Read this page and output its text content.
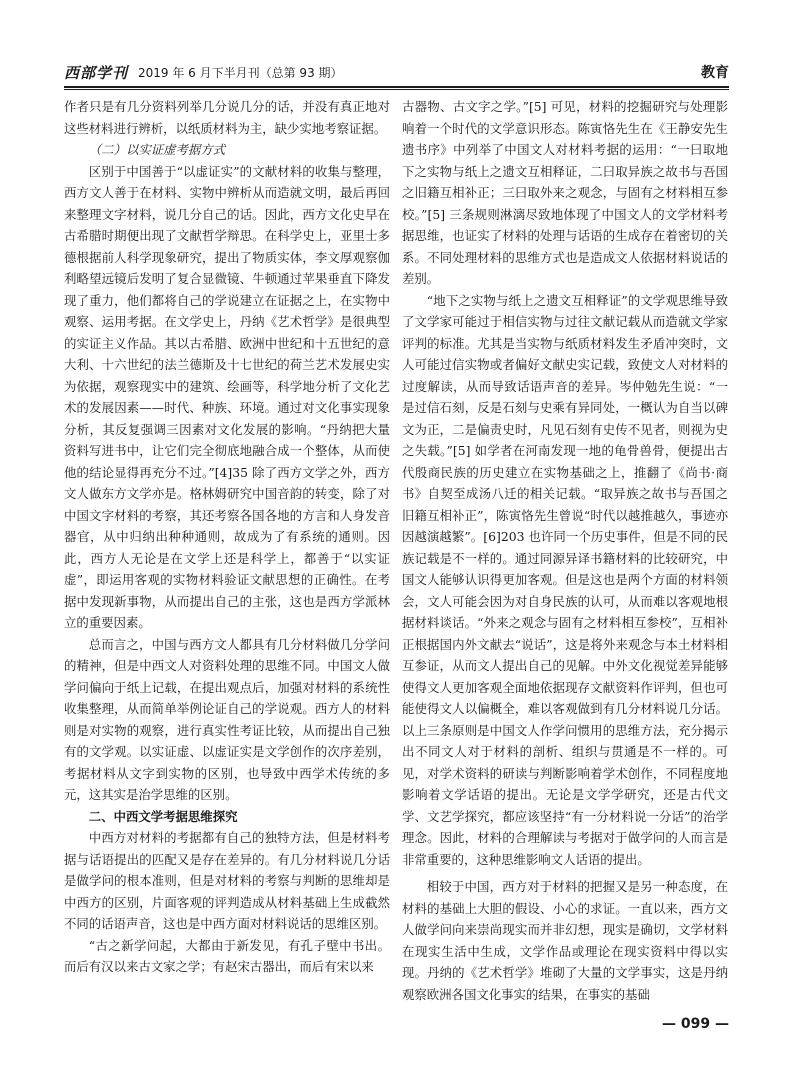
西部学刊 2019 年 6 月下半月刊（总第 93 期）	教育

作者只是有几分资料列举几分说几分的话，并没有真正地对这些材料进行辨析，以纸质材料为主，缺少实地考察证据。

（二）以实证虚考据方式

区别于中国善于“以虚证实”的文献材料的收集与整理，西方文人善于在材料、实物中辨析从而造就文明，最后再回来整理文字材料，说几分自己的话。因此，西方文化史早在古希腊时期便出现了文献哲学辩思。在科学史上，亚里士多德根据前人科学现象研究，提出了物质实体，李文厚观察伽利略望远镜后发明了复合显微镜、牛顿通过苹果垂直下降发现了重力，他们都将自己的学说建立在证据之上，在实物中观察、运用考据。在文学史上，丹纳《艺术哲学》是很典型的实证主义作品。其以古希腊、欧洲中世纪和十五世纪的意大利、十六世纪的法兰德斯及十七世纪的荷兰艺术发展史实为依据，观察现实中的建筑、绘画等，科学地分析了文化艺术的发展因素——时代、种族、环境。通过对文化事实现象分析，其反复强调三因素对文化发展的影响。“丹纳把大量资料写进书中，让它们完全彻底地融合成一个整体，从而使他的结论显得再充分不过。”[4]35 除了西方文学之外，西方文人做东方文学亦是。格林姆研究中国音韵的转变，除了对中国文字材料的考察，其还考察各国各地的方言和人身发音器官，从中归纳出种种通则，故成为了有系统的通则。因此，西方人无论是在文学上还是科学上，都善于“以实证虚”，即运用客观的实物材料验证文献思想的正确性。在考据中发现新事物，从而提出自己的主张，这也是西方学派林立的重要因素。

总而言之，中国与西方文人都具有几分材料做几分学问的精神，但是中西文人对资料处理的思维不同。中国文人做学问偏向于纸上记载，在提出观点后，加强对材料的系统性收集整理，从而简单举例论证自己的学说观。西方人的材料则是对实物的观察，进行真实性考证比较，从而提出自己独有的文学观。以实证虚、以虚证实是文学创作的次序差别，考据材料从文字到实物的区别，也导致中西学术传统的多元，这其实是治学思维的区别。

二、中西文学考据思维探究

中西方对材料的考据都有自己的独特方法，但是材料考据与话语提出的匹配又是存在差异的。有几分材料说几分话是做学问的根本准则，但是对材料的考察与判断的思维却是中西方的区别，片面客观的评判造成从材料基础上生成截然不同的话语声音，这也是中西方面对材料说话的思维区别。

“古之新学问起，大都由于新发见，有孔子壁中书出。而后有汉以来古文家之学；有赵宋古器出，而后有宋以来

古器物、古文字之学。”[5] 可见，材料的挖掘研究与处理影响着一个时代的文学意识形态。陈寅恪先生在《王静安先生遗书序》中列举了中国文人对材料考据的运用：“一曰取地下之实物与纸上之遗文互相释证，二曰取异族之故书与吾国之旧籍互相补正；三曰取外来之观念，与固有之材料相互参校。”[5] 三条规则淋漓尽致地体现了中国文人的文学材料考据思维，也证实了材料的处理与话语的生成存在着密切的关系。不同处理材料的思维方式也是造成文人依据材料说话的差别。

“地下之实物与纸上之遗文互相释证”的文学观思维导致了文学家可能过于相信实物与过往文献记载从而造就文学家评判的标准。尤其是当实物与纸质材料发生矛盾冲突时，文人可能过信实物或者偏好文献史实记载，致使文人对材料的过度解读，从而导致话语声音的差异。岑仲勉先生说：“一是过信石刻，反是石刻与史乘有异同处，一概认为自当以碑文为正，二是偏责史时，凡见石刻有史传不见者，则视为史之失载。”[5] 如学者在河南发现一地的龟骨兽骨，便提出古代殷商民族的历史建立在实物基础之上，推翻了《尚书·商书》自契至成汤八迁的相关记载。“取异族之故书与吾国之旧籍互相补正”，陈寅恪先生曾说“时代以越推越久，事迹亦因越演越繁”。[6]203 也许同一个历史事件，但是不同的民族记载是不一样的。通过同源异译书籍材料的比较研究，中国文人能够认识得更加客观。但是这也是两个方面的材料领会，文人可能会因为对自身民族的认可，从而难以客观地根据材料谈话。“外来之观念与固有之材料相互参校”，互相补正根据国内外文献去“说话”，这是将外来观念与本土材料相互参证，从而文人提出自己的见解。中外文化视觉差异能够使得文人更加客观全面地依据现存文献资料作评判，但也可能使得文人以偏概全，难以客观做到有几分材料说几分话。以上三条原则是中国文人作学问惯用的思维方法，充分揭示出不同文人对于材料的剖析、组织与贯通是不一样的。可见，对学术资料的研读与判断影响着学术创作，不同程度地影响着文学话语的提出。无论是文学学研究，还是古代文学、文艺学探究，都应该坚持“有一分材料说一分话”的治学理念。因此，材料的合理解读与考据对于做学问的人而言是非常重要的，这种思维影响文人话语的提出。

相较于中国，西方对于材料的把握又是另一种态度，在材料的基础上大胆的假设、小心的求证。一直以来，西方文人做学问向来崇尚现实而并非幻想，现实是确切，文学材料在现实生活中生成，文学作品或理论在现实资料中得以实现。丹纳的《艺术哲学》堆砌了大量的文学事实，这是丹纳观察欧洲各国文化事实的结果，在事实的基础

— 099 —
